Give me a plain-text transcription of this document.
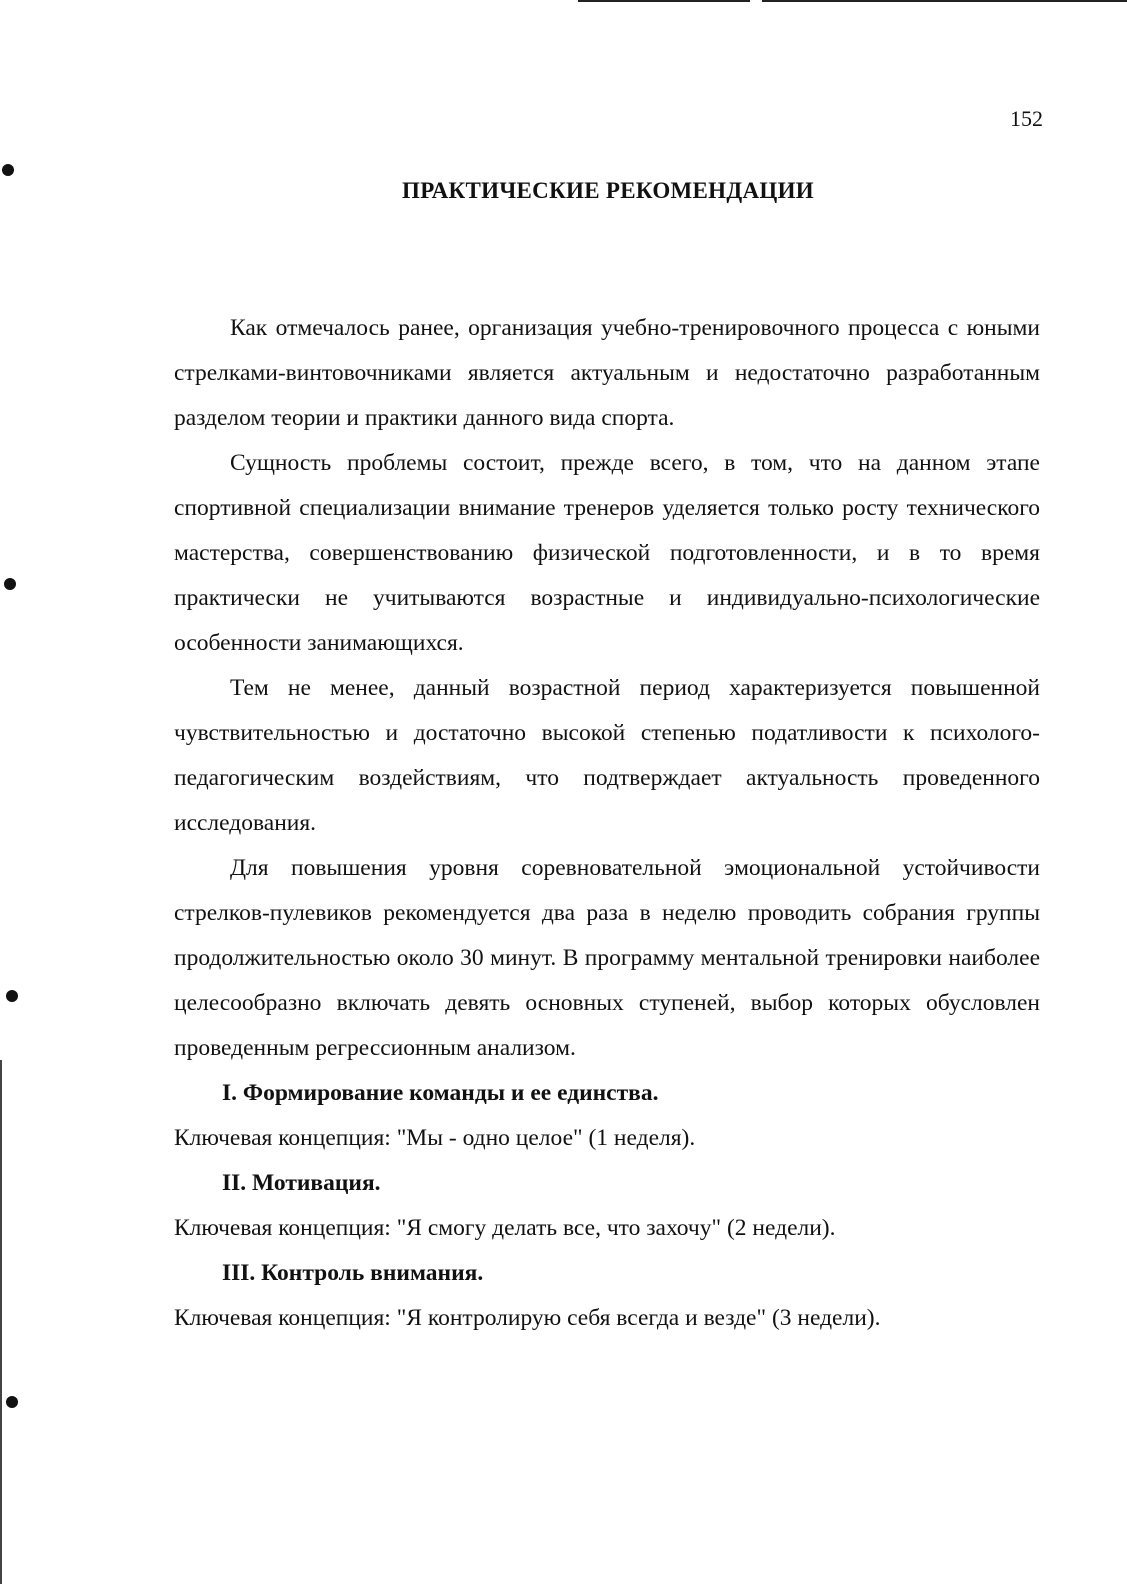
152
ПРАКТИЧЕСКИЕ РЕКОМЕНДАЦИИ

Как отмечалось ранее, организация учебно-тренировочного процесса с юными стрелками-винтовочниками является актуальным и недостаточно разработанным разделом теории и практики данного вида спорта.

Сущность проблемы состоит, прежде всего, в том, что на данном этапе спортивной специализации внимание тренеров уделяется только росту технического мастерства, совершенствованию физической подготовленности, и в то время практически не учитываются возрастные и индивидуально-психологические особенности занимающихся.

Тем не менее, данный возрастной период характеризуется повышенной чувствительностью и достаточно высокой степенью податливости к психолого-педагогическим воздействиям, что подтверждает актуальность проведенного исследования.

Для повышения уровня соревновательной эмоциональной устойчивости стрелков-пулевиков рекомендуется два раза в неделю проводить собрания группы продолжительностью около 30 минут. В программу ментальной тренировки наиболее целесообразно включать девять основных ступеней, выбор которых обусловлен проведенным регрессионным анализом.

I. Формирование команды и ее единства.

Ключевая концепция: "Мы - одно целое" (1 неделя).

II. Мотивация.

Ключевая концепция: "Я смогу делать все, что захочу" (2 недели).

III. Контроль внимания.

Ключевая концепция: "Я контролирую себя всегда и везде" (3 недели).
